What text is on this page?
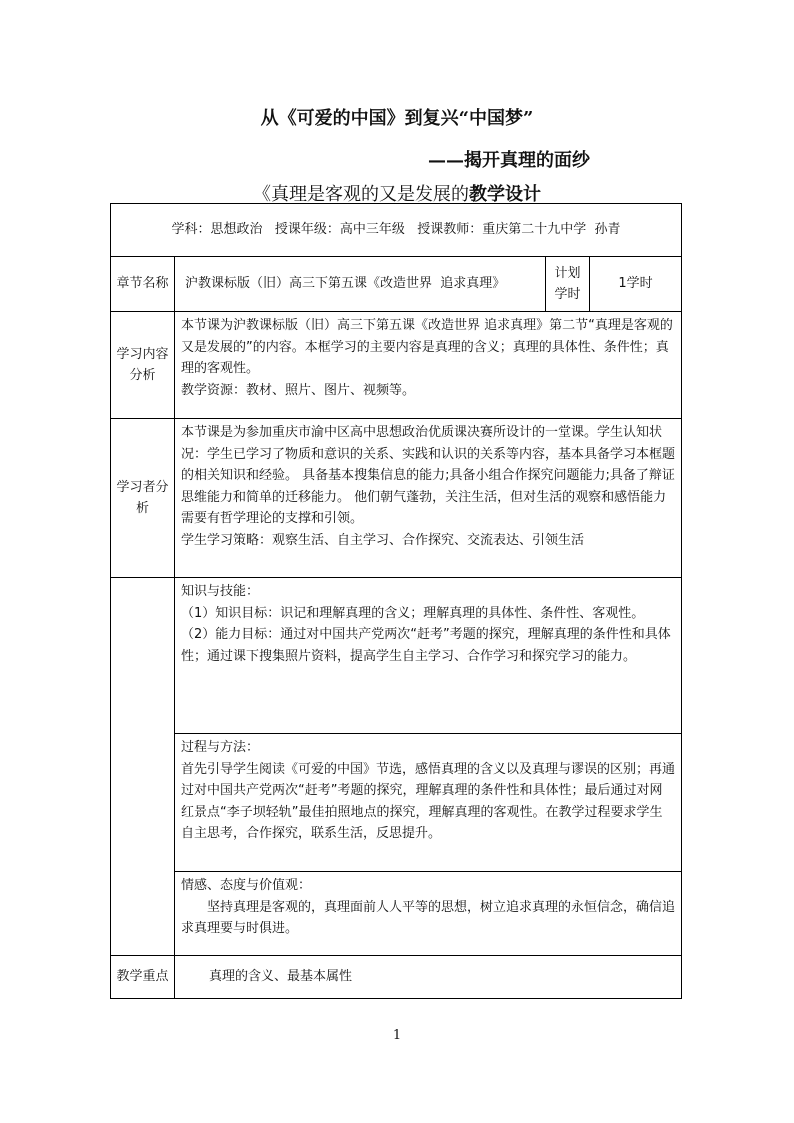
从《可爱的中国》到复兴“中国梦”
——揭开真理的面纱
《真理是客观的又是发展的教学设计
学科：思想政治   授课年级：高中三年级   授课教师：重庆第二十九中学  孙青
章节名称	沪教课标版（旧）高三下第五课《改造世界  追求真理》
计划学时
1学时
学习内容分析
本节课为沪教课标版（旧）高三下第五课《改造世界 追求真理》第二节“真理是客观的又是发展的”的内容。本框学习的主要内容是真理的含义；真理的具体性、条件性；真理的客观性。
教学资源：教材、照片、图片、视频等。
学习者分析
本节课是为参加重庆市渝中区高中思想政治优质课决赛所设计的一堂课。学生认知状况：学生已学习了物质和意识的关系、实践和认识的关系等内容，基本具备学习本框题的相关知识和经验。 具备基本搜集信息的能力;具备小组合作探究问题能力;具备了辩证思维能力和简单的迁移能力。 他们朝气蓬勃，关注生活，但对生活的观察和感悟能力需要有哲学理论的支撑和引领。
学生学习策略：观察生活、自主学习、合作探究、交流表达、引领生活
知识与技能：
（1）知识目标：识记和理解真理的含义；理解真理的具体性、条件性、客观性。
（2）能力目标：通过对中国共产党两次“赶考”考题的探究，理解真理的条件性和具体性；通过课下搜集照片资料，提高学生自主学习、合作学习和探究学习的能力。
过程与方法：
首先引导学生阅读《可爱的中国》节选，感悟真理的含义以及真理与谬误的区别；再通过对中国共产党两次“赶考”考题的探究，理解真理的条件性和具体性；最后通过对网红景点“李子坝轻轨”最佳拍照地点的探究，理解真理的客观性。在教学过程要求学生自主思考，合作探究，联系生活，反思提升。
情感、态度与价值观：
坚持真理是客观的，真理面前人人平等的思想，树立追求真理的永恒信念，确信追求真理要与时俱进。
教学重点	真理的含义、最基本属性
1
